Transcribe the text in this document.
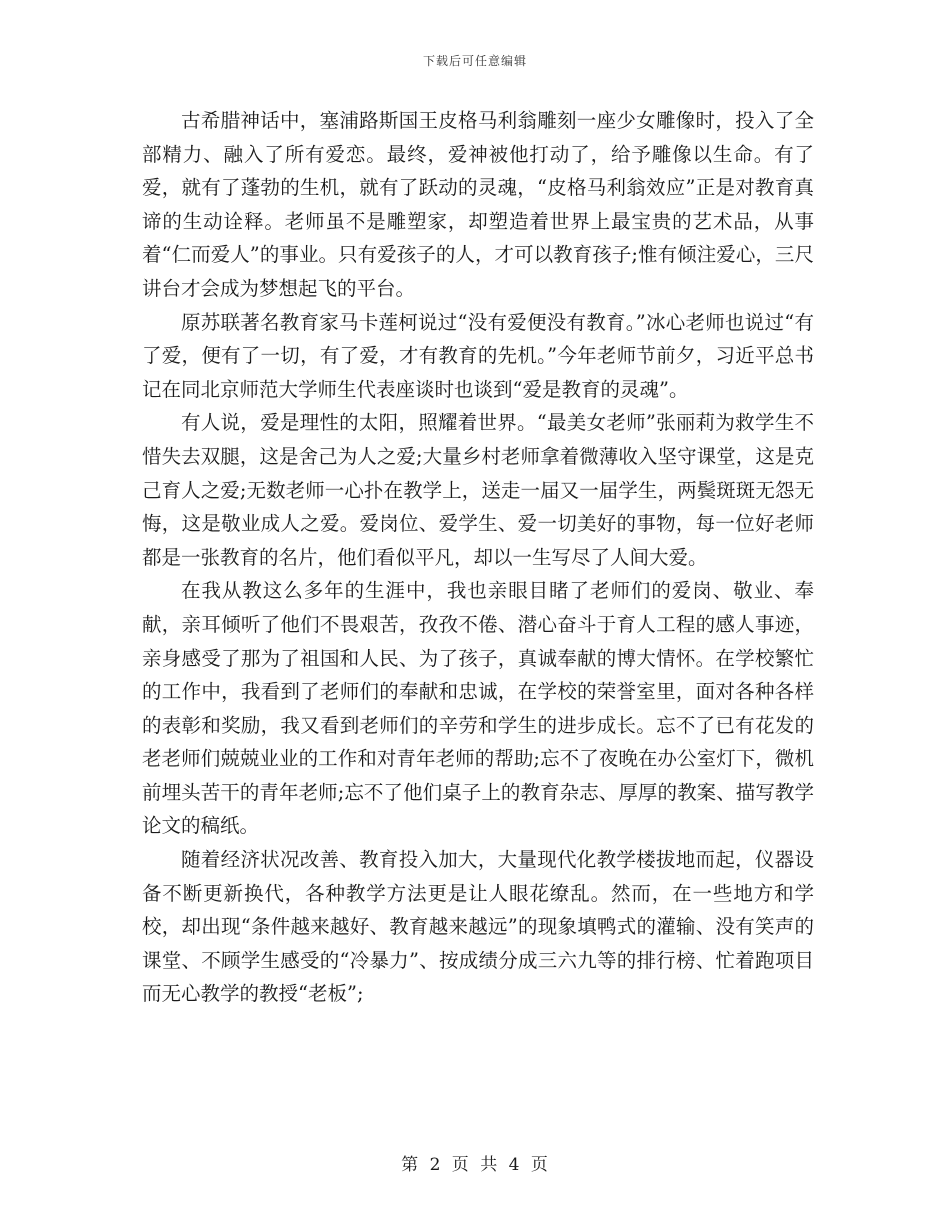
下载后可任意编辑

古希腊神话中，塞浦路斯国王皮格马利翁雕刻一座少女雕像时，投入了全部精力、融入了所有爱恋。最终，爱神被他打动了，给予雕像以生命。有了爱，就有了蓬勃的生机，就有了跃动的灵魂，“皮格马利翁效应”正是对教育真谛的生动诠释。老师虽不是雕塑家，却塑造着世界上最宝贵的艺术品，从事着“仁而爱人”的事业。只有爱孩子的人，才可以教育孩子;惟有倾注爱心，三尺讲台才会成为梦想起飞的平台。

原苏联著名教育家马卡莲柯说过“没有爱便没有教育。”冰心老师也说过“有了爱，便有了一切，有了爱，才有教育的先机。”今年老师节前夕，习近平总书记在同北京师范大学师生代表座谈时也谈到“爱是教育的灵魂”。

有人说，爱是理性的太阳，照耀着世界。“最美女老师”张丽莉为救学生不惜失去双腿，这是舍己为人之爱;大量乡村老师拿着微薄收入坚守课堂，这是克己育人之爱;无数老师一心扑在教学上，送走一届又一届学生，两鬓斑斑无怨无悔，这是敬业成人之爱。爱岗位、爱学生、爱一切美好的事物，每一位好老师都是一张教育的名片，他们看似平凡，却以一生写尽了人间大爱。

在我从教这么多年的生涯中，我也亲眼目睹了老师们的爱岗、敬业、奉献，亲耳倾听了他们不畏艰苦，孜孜不倦、潜心奋斗于育人工程的感人事迹，亲身感受了那为了祖国和人民、为了孩子，真诚奉献的博大情怀。在学校繁忙的工作中，我看到了老师们的奉献和忠诚，在学校的荣誉室里，面对各种各样的表彰和奖励，我又看到老师们的辛劳和学生的进步成长。忘不了已有花发的老老师们兢兢业业的工作和对青年老师的帮助;忘不了夜晚在办公室灯下，微机前埋头苦干的青年老师;忘不了他们桌子上的教育杂志、厚厚的教案、描写教学论文的稿纸。

随着经济状况改善、教育投入加大，大量现代化教学楼拔地而起，仪器设备不断更新换代，各种教学方法更是让人眼花缭乱。然而，在一些地方和学校，却出现“条件越来越好、教育越来越远”的现象填鸭式的灌输、没有笑声的课堂、不顾学生感受的“冷暴力”、按成绩分成三六九等的排行榜、忙着跑项目而无心教学的教授“老板”;

第 2 页 共 4 页
